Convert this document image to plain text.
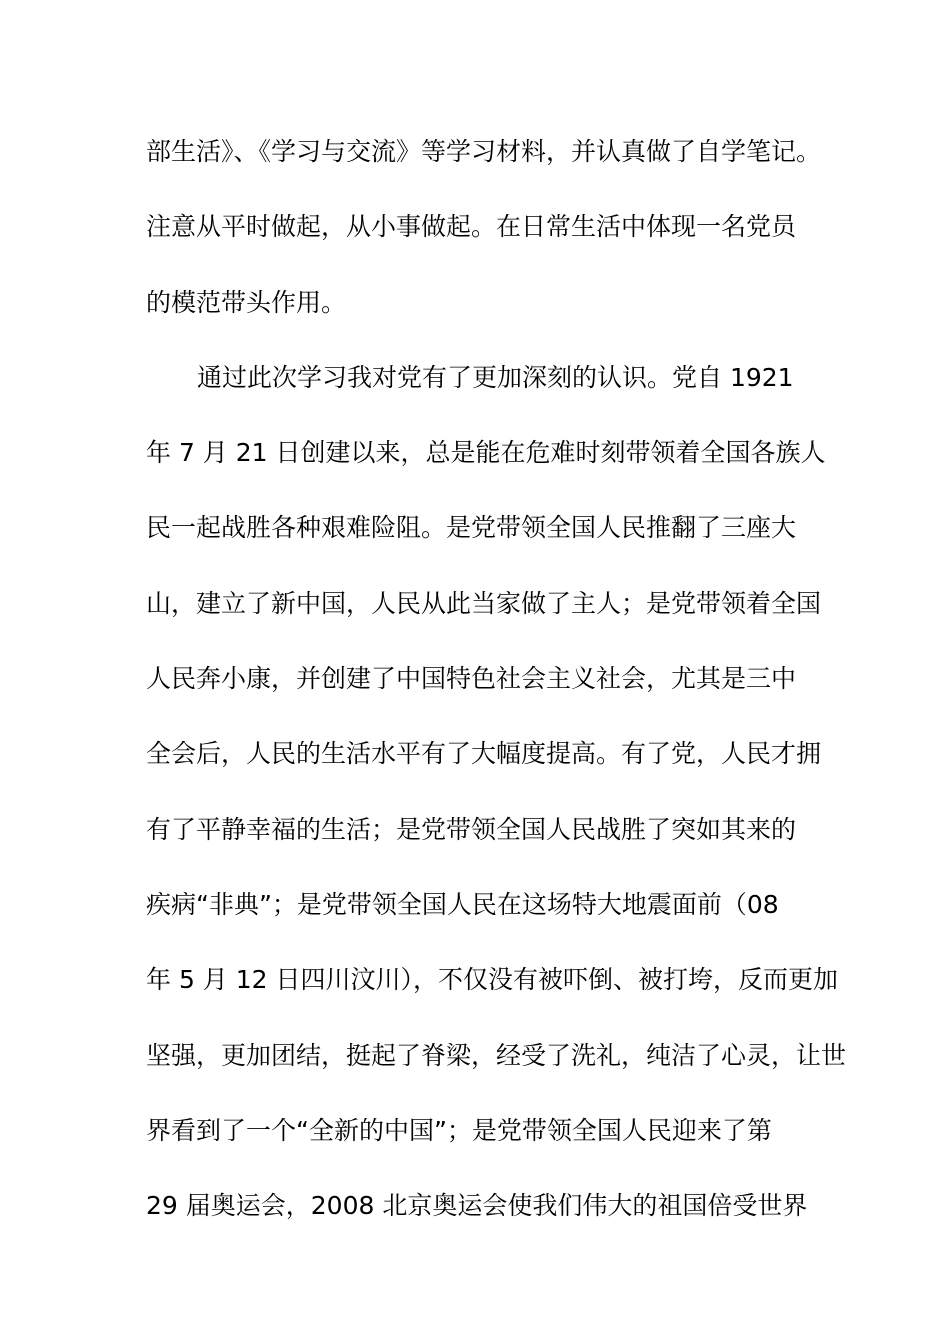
部生活》、《学习与交流》等学习材料，并认真做了自学笔记。
注意从平时做起，从小事做起。在日常生活中体现一名党员
的模范带头作用。
通过此次学习我对党有了更加深刻的认识。党自 1921
年 7 月 21 日创建以来，总是能在危难时刻带领着全国各族人
民一起战胜各种艰难险阻。是党带领全国人民推翻了三座大
山，建立了新中国，人民从此当家做了主人；是党带领着全国
人民奔小康，并创建了中国特色社会主义社会，尤其是三中
全会后，人民的生活水平有了大幅度提高。有了党，人民才拥
有了平静幸福的生活；是党带领全国人民战胜了突如其来的
疾病“非典”；是党带领全国人民在这场特大地震面前（08
年 5 月 12 日四川汶川），不仅没有被吓倒、被打垮，反而更加
坚强，更加团结，挺起了脊梁，经受了洗礼，纯洁了心灵，让世
界看到了一个“全新的中国”；是党带领全国人民迎来了第
29 届奥运会，2008 北京奥运会使我们伟大的祖国倍受世界
